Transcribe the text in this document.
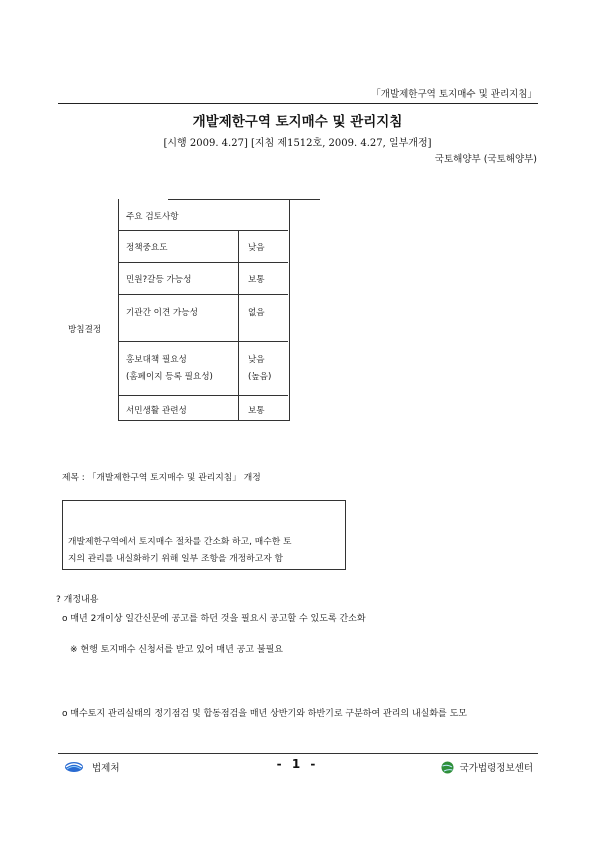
「개발제한구역 토지매수 및 관리지침」
개발제한구역 토지매수 및 관리지침
[시행 2009. 4.27] [지침 제1512호, 2009. 4.27, 일부개정]
국토해양부 (국토해양부)
주요 검토사항
정책중요도	낮음
민원?갈등 가능성	보통
기관간 이견 가능성	없음
방침결정
홍보대책 필요성	낮음
(홈페이지 등록 필요성)	(높음)
서민생활 관련성	보통
제목 : 「개발제한구역 토지매수 및 관리지침」 개정
개발제한구역에서 토지매수 절차를 간소화 하고, 매수한 토
지의 관리를 내실화하기 위해 일부 조항을 개정하고자 함
? 개정내용
o 매년 2개이상 일간신문에 공고를 하던 것을 필요시 공고할 수 있도록 간소화
※ 현행 토지매수 신청서를 받고 있어 매년 공고 불필요
o 매수토지 관리실태의 정기점검 및 합동점검을 매년 상반기와 하반기로 구분하여 관리의 내실화를 도모
법제처	- 1 -	국가법령정보센터
